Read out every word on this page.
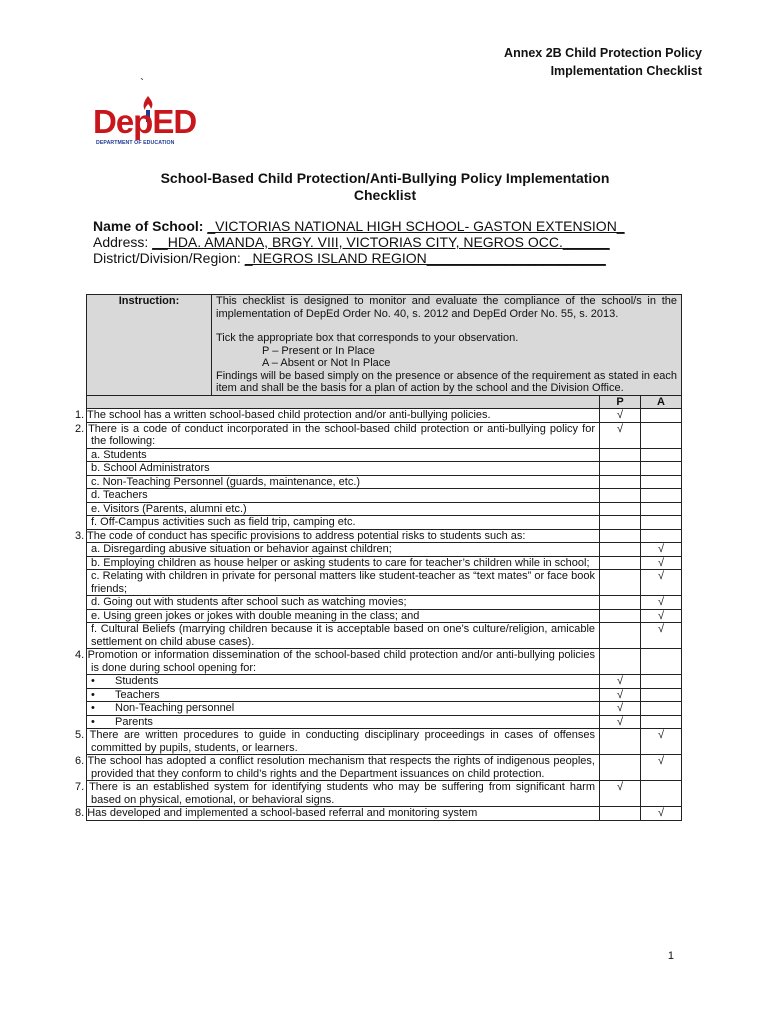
Annex 2B Child Protection Policy
Implementation Checklist
`
DepED
DEPARTMENT OF EDUCATION
School-Based Child Protection/Anti-Bullying Policy Implementation
Checklist
Name of School: _VICTORIAS NATIONAL HIGH SCHOOL- GASTON EXTENSION_
Address: __HDA. AMANDA, BRGY. VIII, VICTORIAS CITY, NEGROS OCC.______
District/Division/Region: _NEGROS ISLAND REGION_______________________
Instruction:	This checklist is designed to monitor and evaluate the compliance of the school/s in the implementation of DepEd Order No. 40, s. 2012 and DepEd Order No. 55, s. 2013.
Tick the appropriate box that corresponds to your observation.
P – Present or In Place
A – Absent or Not In Place
Findings will be based simply on the presence or absence of the requirement as stated in each item and shall be the basis for a plan of action by the school and the Division Office.		

		P	A
1. The school has a written school-based child protection and/or anti-bullying policies.		√	
2. There is a code of conduct incorporated in the school-based child protection or anti-bullying policy for the following:		√	
a. Students			
b. School Administrators			
c. Non-Teaching Personnel (guards, maintenance, etc.)			
d. Teachers			
e. Visitors (Parents, alumni etc.)			
f. Off-Campus activities such as field trip, camping etc.			
3. The code of conduct has specific provisions to address potential risks to students such as:			
a. Disregarding abusive situation or behavior against children;			√
b. Employing children as house helper or asking students to care for teacher’s children while in school;			√
c. Relating with children in private for personal matters like student-teacher as “text mates” or face book friends;			√
d. Going out with students after school such as watching movies;			√
e. Using green jokes or jokes with double meaning in the class; and			√
f. Cultural Beliefs (marrying children because it is acceptable based on one’s culture/religion, amicable settlement on child abuse cases).			√
4. Promotion or information dissemination of the school-based child protection and/or anti-bullying policies is done during school opening for:			
• Students		√	
• Teachers		√	
• Non-Teaching personnel		√	
• Parents		√	
5. There are written procedures to guide in conducting disciplinary proceedings in cases of offenses committed by pupils, students, or learners.			√
6. The school has adopted a conflict resolution mechanism that respects the rights of indigenous peoples, provided that they conform to child’s rights and the Department issuances on child protection.			√
7. There is an established system for identifying students who may be suffering from significant harm based on physical, emotional, or behavioral signs.		√	
8. Has developed and implemented a school-based referral and monitoring system			√
1
